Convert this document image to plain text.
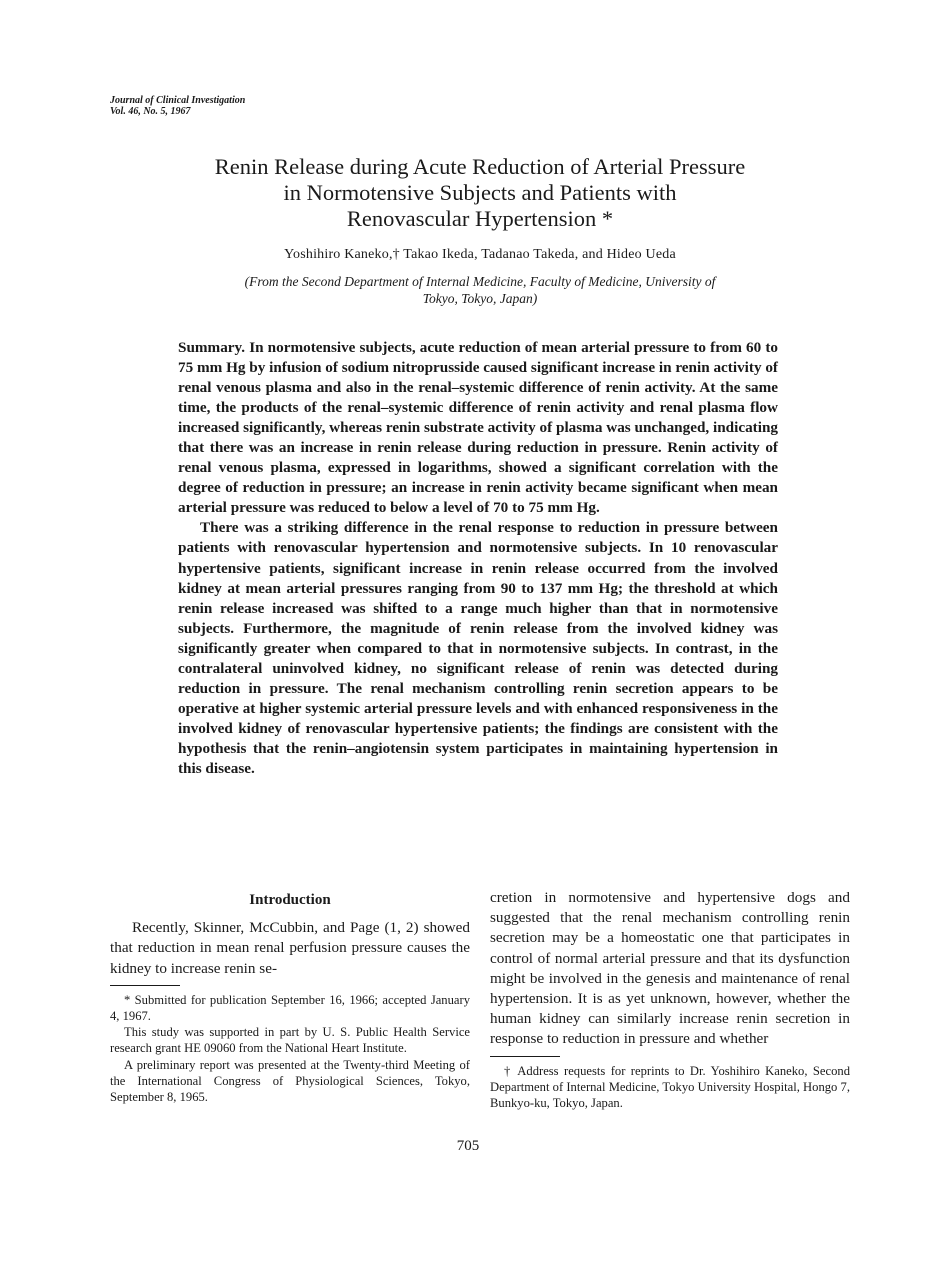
Journal of Clinical Investigation
Vol. 46, No. 5, 1967
Renin Release during Acute Reduction of Arterial Pressure
in Normotensive Subjects and Patients with
Renovascular Hypertension *
Yoshihiro Kaneko,† Takao Ikeda, Tadanao Takeda, and Hideo Ueda
(From the Second Department of Internal Medicine, Faculty of Medicine, University of
Tokyo, Tokyo, Japan)

Summary. In normotensive subjects, acute reduction of mean arterial pressure to from 60 to 75 mm Hg by infusion of sodium nitroprusside caused significant increase in renin activity of renal venous plasma and also in the renal–systemic difference of renin activity. At the same time, the products of the renal–systemic difference of renin activity and renal plasma flow increased significantly, whereas renin substrate activity of plasma was unchanged, indicating that there was an increase in renin release during reduction in pressure. Renin activity of renal venous plasma, expressed in logarithms, showed a significant correlation with the degree of reduction in pressure; an increase in renin activity became significant when mean arterial pressure was reduced to below a level of 70 to 75 mm Hg.

There was a striking difference in the renal response to reduction in pressure between patients with renovascular hypertension and normotensive subjects. In 10 renovascular hypertensive patients, significant increase in renin release occurred from the involved kidney at mean arterial pressures ranging from 90 to 137 mm Hg; the threshold at which renin release increased was shifted to a range much higher than that in normotensive subjects. Furthermore, the magnitude of renin release from the involved kidney was significantly greater when compared to that in normotensive subjects. In contrast, in the contralateral uninvolved kidney, no significant release of renin was detected during reduction in pressure. The renal mechanism controlling renin secretion appears to be operative at higher systemic arterial pressure levels and with enhanced responsiveness in the involved kidney of renovascular hypertensive patients; the findings are consistent with the hypothesis that the renin–angiotensin system participates in maintaining hypertension in this disease.

Introduction

Recently, Skinner, McCubbin, and Page (1, 2) showed that reduction in mean renal perfusion pressure causes the kidney to increase renin se-

* Submitted for publication September 16, 1966; accepted January 4, 1967.

This study was supported in part by U. S. Public Health Service research grant HE 09060 from the National Heart Institute.

A preliminary report was presented at the Twenty-third Meeting of the International Congress of Physiological Sciences, Tokyo, September 8, 1965.

cretion in normotensive and hypertensive dogs and suggested that the renal mechanism controlling renin secretion may be a homeostatic one that participates in control of normal arterial pressure and that its dysfunction might be involved in the genesis and maintenance of renal hypertension. It is as yet unknown, however, whether the human kidney can similarly increase renin secretion in response to reduction in pressure and whether

† Address requests for reprints to Dr. Yoshihiro Kaneko, Second Department of Internal Medicine, Tokyo University Hospital, Hongo 7, Bunkyo-ku, Tokyo, Japan.

705
